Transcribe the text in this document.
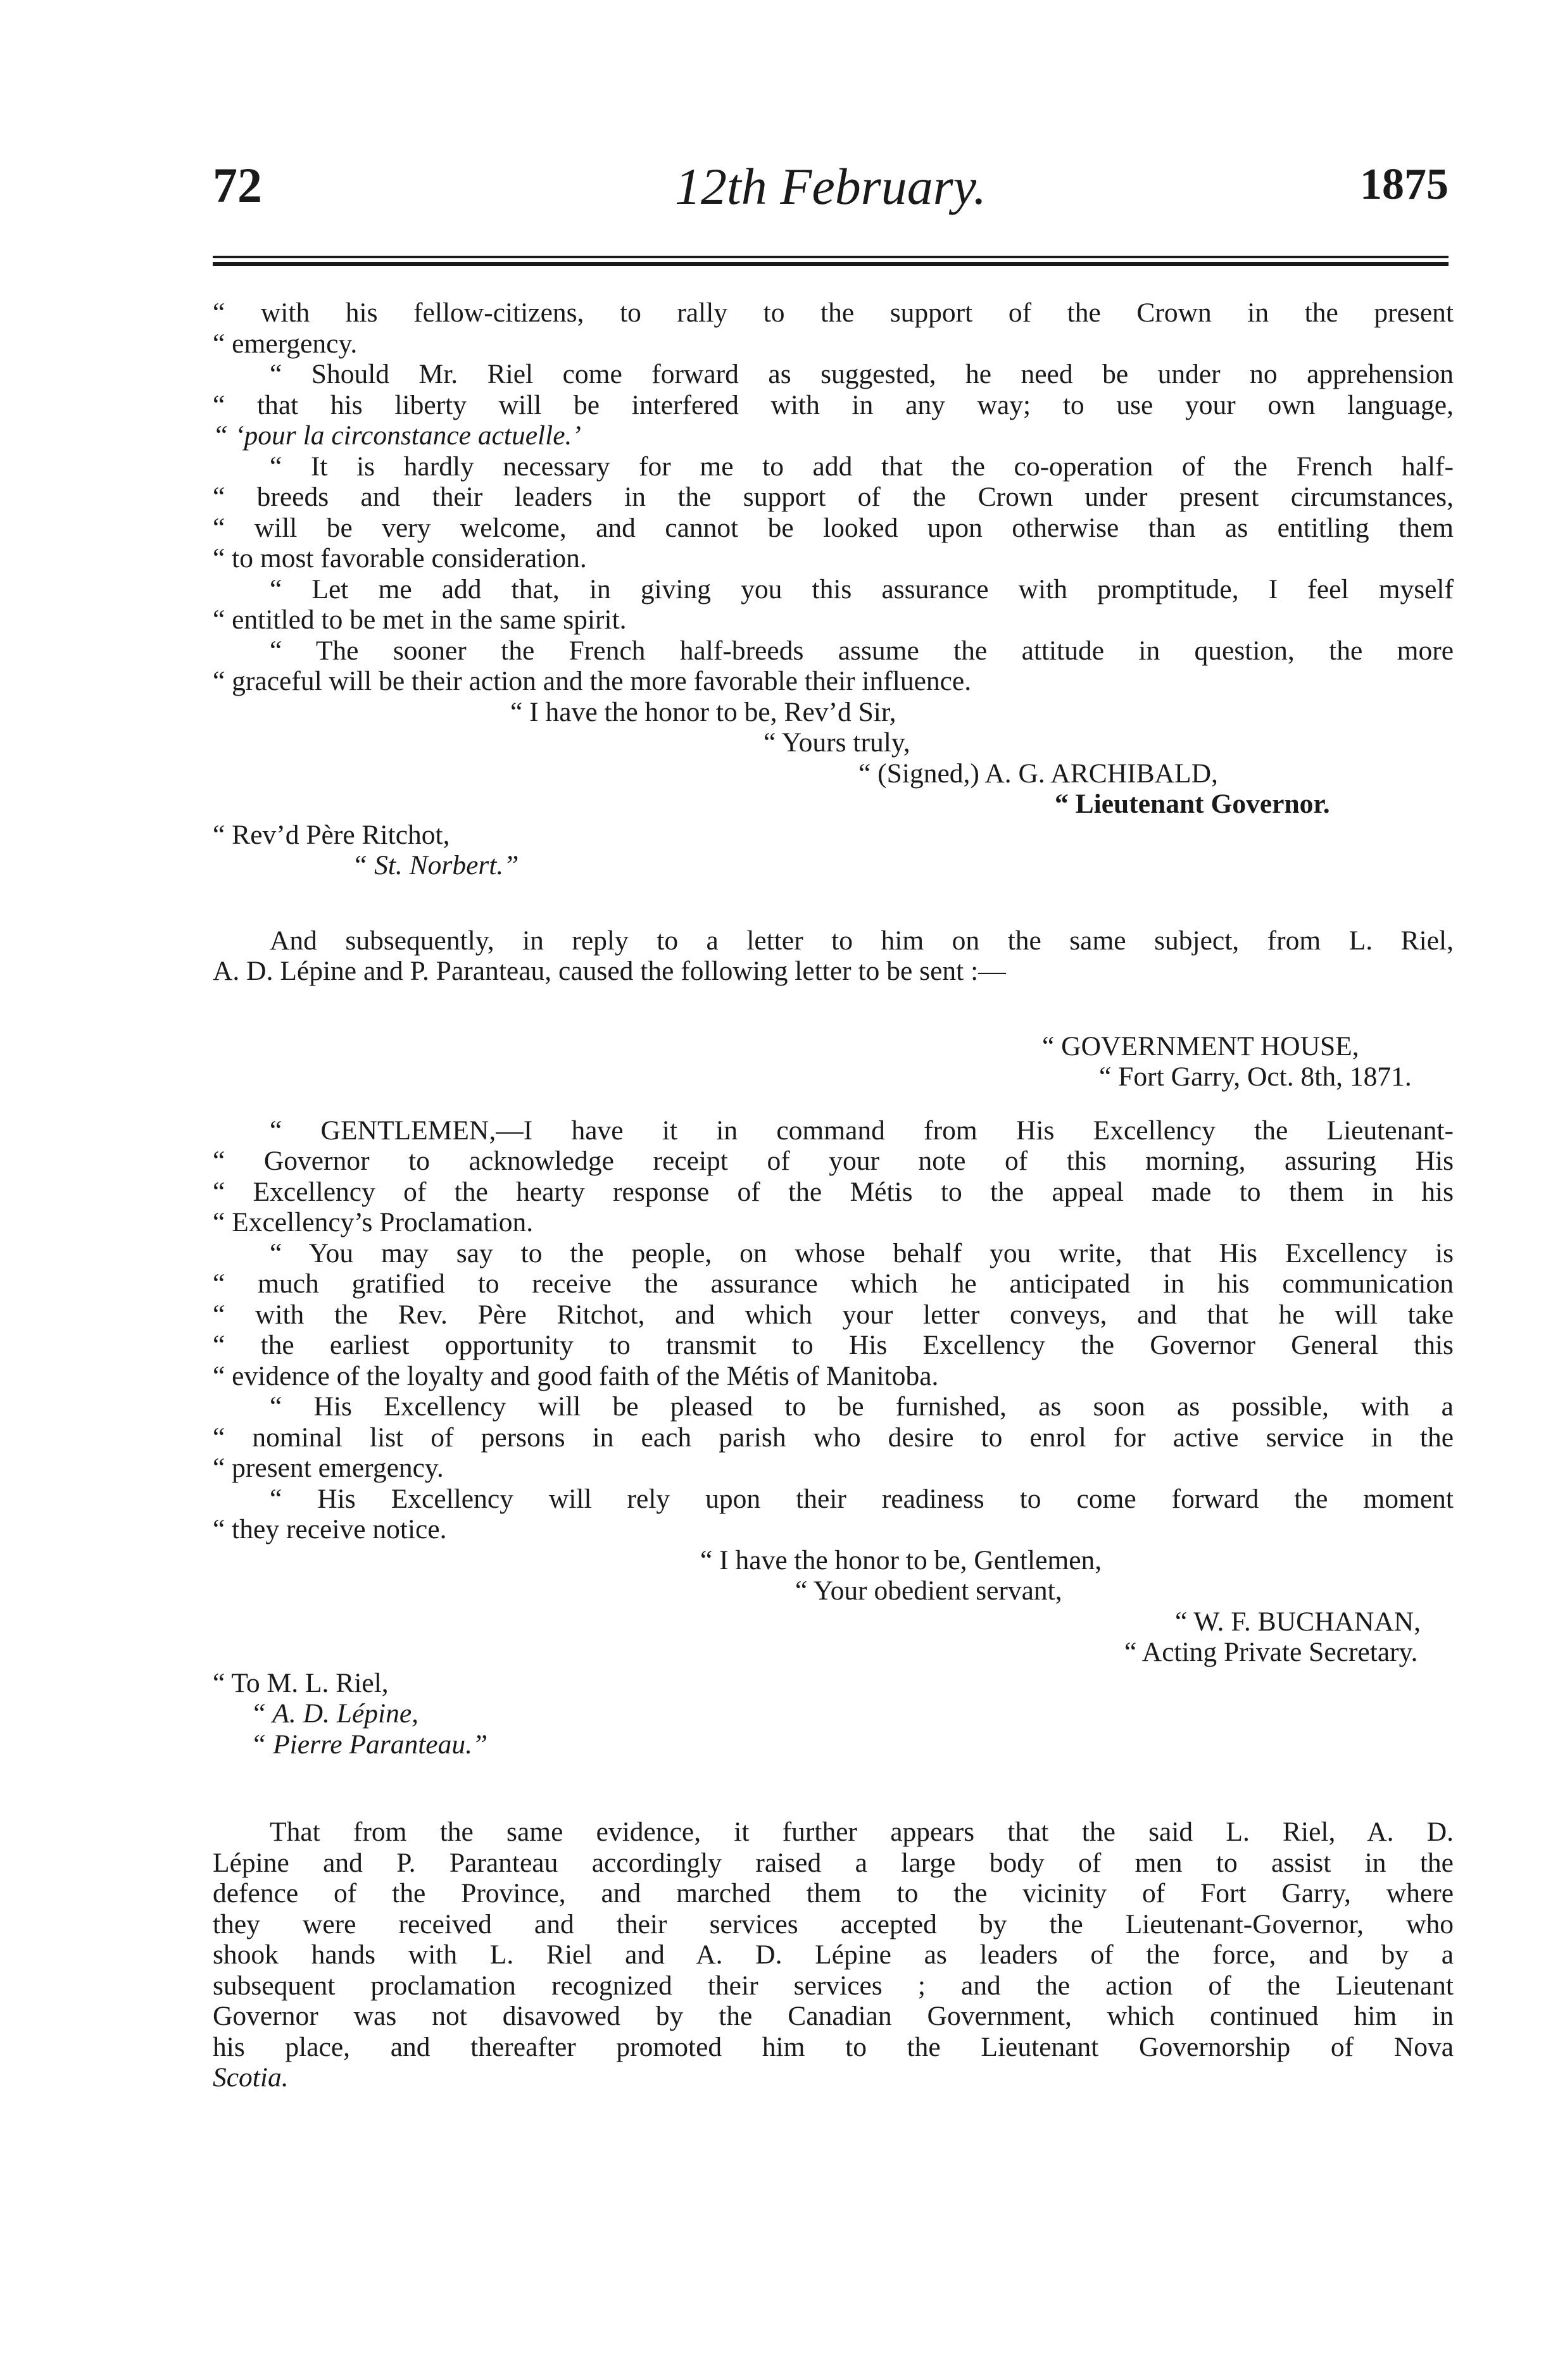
72	12th February.	1875
“ with his fellow-citizens, to rally to the support of the Crown in the present
“ emergency.
“ Should Mr. Riel come forward as suggested, he need be under no apprehension
“ that his liberty will be interfered with in any way; to use your own language,
“ ‘pour la circonstance actuelle.’
“ It is hardly necessary for me to add that the co-operation of the French half-
“ breeds and their leaders in the support of the Crown under present circumstances,
“ will be very welcome, and cannot be looked upon otherwise than as entitling them
“ to most favorable consideration.
“ Let me add that, in giving you this assurance with promptitude, I feel myself
“ entitled to be met in the same spirit.
“ The sooner the French half-breeds assume the attitude in question, the more
“ graceful will be their action and the more favorable their influence.
“ I have the honor to be, Rev’d Sir,
“ Yours truly,
“ (Signed,) A. G. ARCHIBALD,
“ Lieutenant Governor.
“ Rev’d Père Ritchot,
“ St. Norbert.”
And subsequently, in reply to a letter to him on the same subject, from L. Riel,
A. D. Lépine and P. Paranteau, caused the following letter to be sent :—
“ GOVERNMENT HOUSE,
“ Fort Garry, Oct. 8th, 1871.
“ GENTLEMEN,—I have it in command from His Excellency the Lieutenant-
“ Governor to acknowledge receipt of your note of this morning, assuring His
“ Excellency of the hearty response of the Métis to the appeal made to them in his
“ Excellency’s Proclamation.
“ You may say to the people, on whose behalf you write, that His Excellency is
“ much gratified to receive the assurance which he anticipated in his communication
“ with the Rev. Père Ritchot, and which your letter conveys, and that he will take
“ the earliest opportunity to transmit to His Excellency the Governor General this
“ evidence of the loyalty and good faith of the Métis of Manitoba.
“ His Excellency will be pleased to be furnished, as soon as possible, with a
“ nominal list of persons in each parish who desire to enrol for active service in the
“ present emergency.
“ His Excellency will rely upon their readiness to come forward the moment
“ they receive notice.
“ I have the honor to be, Gentlemen,
“ Your obedient servant,
“ W. F. BUCHANAN,
“ Acting Private Secretary.
“ To M. L. Riel,
“ A. D. Lépine,
“ Pierre Paranteau.”
That from the same evidence, it further appears that the said L. Riel, A. D.
Lépine and P. Paranteau accordingly raised a large body of men to assist in the
defence of the Province, and marched them to the vicinity of Fort Garry, where
they were received and their services accepted by the Lieutenant-Governor, who
shook hands with L. Riel and A. D. Lépine as leaders of the force, and by a
subsequent proclamation recognized their services ; and the action of the Lieutenant
Governor was not disavowed by the Canadian Government, which continued him in
his place, and thereafter promoted him to the Lieutenant Governorship of Nova
Scotia.
